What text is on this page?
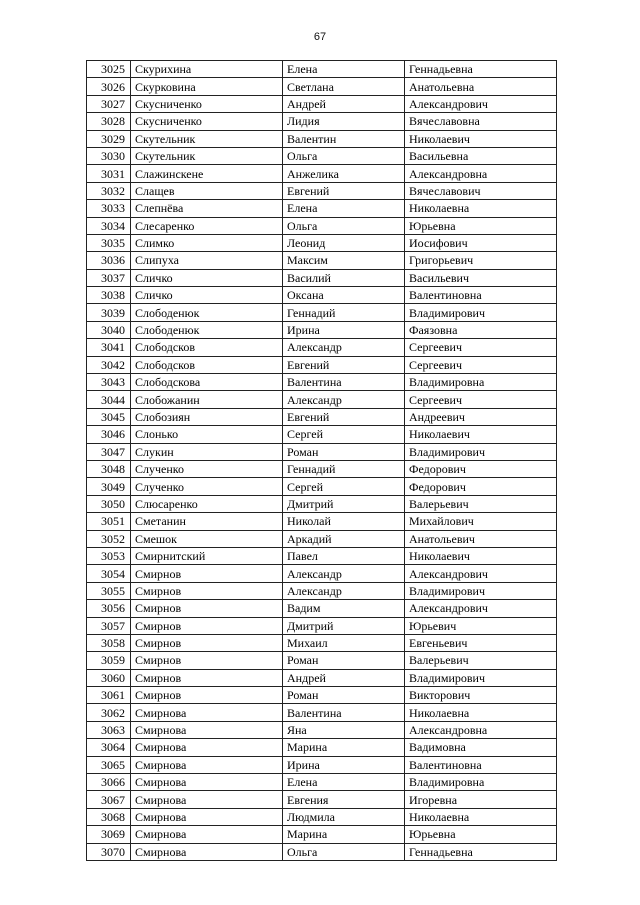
67
3025	Скурихина	Елена	Геннадьевна
3026	Скурковина	Светлана	Анатольевна
3027	Скусниченко	Андрей	Александрович
3028	Скусниченко	Лидия	Вячеславовна
3029	Скутельник	Валентин	Николаевич
3030	Скутельник	Ольга	Васильевна
3031	Слажинскене	Анжелика	Александровна
3032	Слащев	Евгений	Вячеславович
3033	Слепнёва	Елена	Николаевна
3034	Слесаренко	Ольга	Юрьевна
3035	Слимко	Леонид	Иосифович
3036	Слипуха	Максим	Григорьевич
3037	Сличко	Василий	Васильевич
3038	Сличко	Оксана	Валентиновна
3039	Слободенюк	Геннадий	Владимирович
3040	Слободенюк	Ирина	Фаязовна
3041	Слободсков	Александр	Сергеевич
3042	Слободсков	Евгений	Сергеевич
3043	Слободскова	Валентина	Владимировна
3044	Слобожанин	Александр	Сергеевич
3045	Слобозиян	Евгений	Андреевич
3046	Слонько	Сергей	Николаевич
3047	Слукин	Роман	Владимирович
3048	Слученко	Геннадий	Федорович
3049	Слученко	Сергей	Федорович
3050	Слюсаренко	Дмитрий	Валерьевич
3051	Сметанин	Николай	Михайлович
3052	Смешок	Аркадий	Анатольевич
3053	Смирнитский	Павел	Николаевич
3054	Смирнов	Александр	Александрович
3055	Смирнов	Александр	Владимирович
3056	Смирнов	Вадим	Александрович
3057	Смирнов	Дмитрий	Юрьевич
3058	Смирнов	Михаил	Евгеньевич
3059	Смирнов	Роман	Валерьевич
3060	Смирнов	Андрей	Владимирович
3061	Смирнов	Роман	Викторович
3062	Смирнова	Валентина	Николаевна
3063	Смирнова	Яна	Александровна
3064	Смирнова	Марина	Вадимовна
3065	Смирнова	Ирина	Валентиновна
3066	Смирнова	Елена	Владимировна
3067	Смирнова	Евгения	Игоревна
3068	Смирнова	Людмила	Николаевна
3069	Смирнова	Марина	Юрьевна
3070	Смирнова	Ольга	Геннадьевна
